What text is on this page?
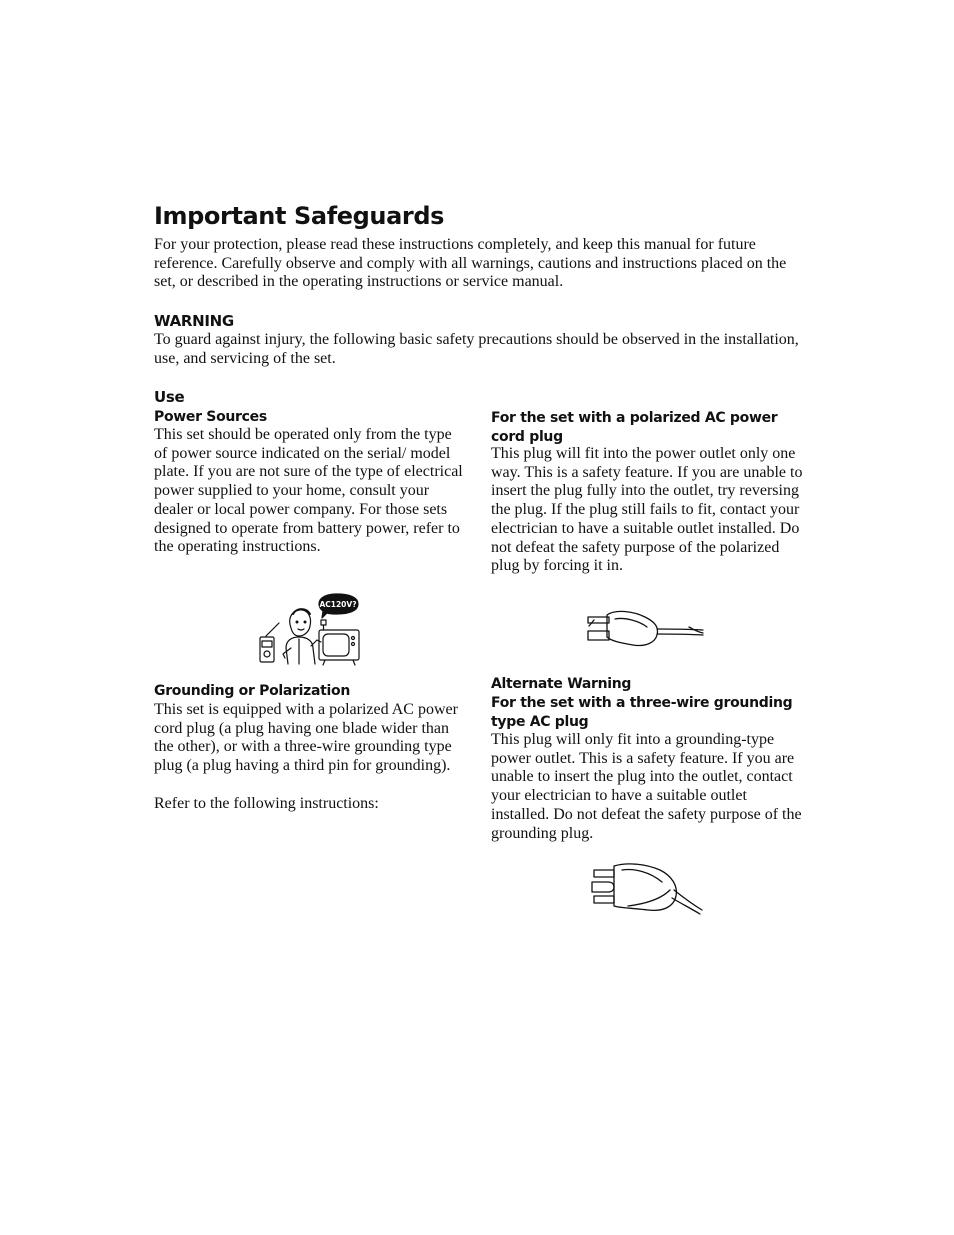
Important Safeguards
For your protection, please read these instructions completely, and keep this manual for future reference. Carefully observe and comply with all warnings, cautions and instructions placed on the set, or described in the operating instructions or service manual.
WARNING
To guard against injury, the following basic safety precautions should be observed in the installation, use, and servicing of the set.
Use
Power Sources
This set should be operated only from the type of power source indicated on the serial/ model plate. If you are not sure of the type of electrical power supplied to your home, consult your dealer or local power company. For those sets designed to operate from battery power, refer to the operating instructions.
AC120V?
Grounding or Polarization
This set is equipped with a polarized AC power cord plug (a plug having one blade wider than the other), or with a three-wire grounding type plug (a plug having a third pin for grounding).
Refer to the following instructions:
For the set with a polarized AC power cord plug
This plug will fit into the power outlet only one way. This is a safety feature. If you are unable to insert the plug fully into the outlet, try reversing the plug. If the plug still fails to fit, contact your electrician to have a suitable outlet installed. Do not defeat the safety purpose of the polarized plug by forcing it in.
Alternate Warning
For the set with a three-wire grounding type AC plug
This plug will only fit into a grounding-type power outlet. This is a safety feature. If you are unable to insert the plug into the outlet, contact your electrician to have a suitable outlet installed. Do not defeat the safety purpose of the grounding plug.
